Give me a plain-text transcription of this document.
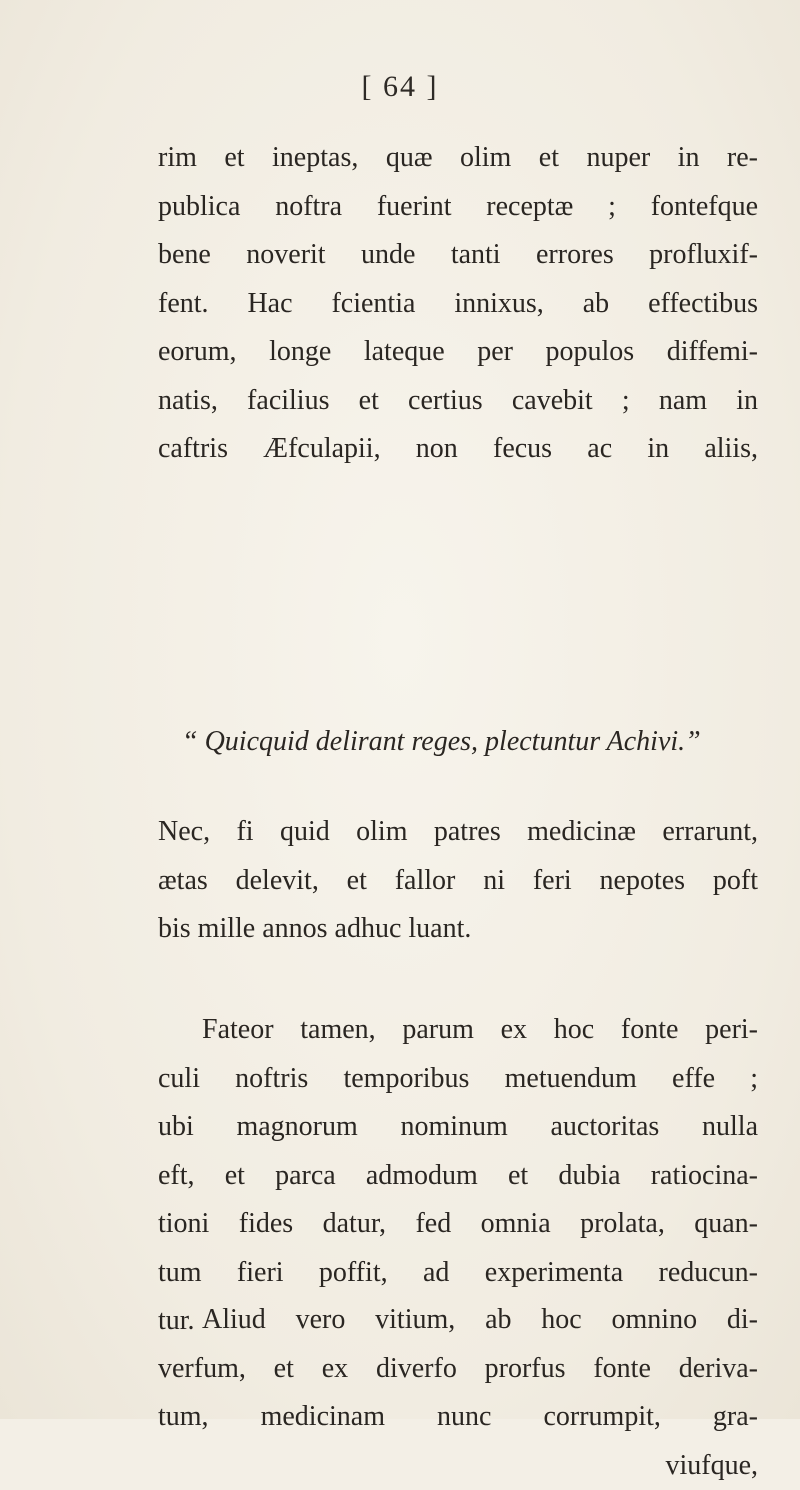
[ 64 ]
rim et ineptas, quæ olim et nuper in re-
publica noftra fuerint receptæ ; fontefque
bene noverit unde tanti errores profluxif-
fent. Hac fcientia innixus, ab effectibus
eorum, longe lateque per populos diffemi-
natis, facilius et certius cavebit ; nam in
caftris Æfculapii, non fecus ac in aliis,
“ Quicquid delirant reges, plectuntur Achivi.”
Nec, fi quid olim patres medicinæ errarunt,
ætas delevit, et fallor ni feri nepotes poft
bis mille annos adhuc luant.
Fateor tamen, parum ex hoc fonte peri-
culi noftris temporibus metuendum effe ;
ubi magnorum nominum auctoritas nulla
eft, et parca admodum et dubia ratiocina-
tioni fides datur, fed omnia prolata, quan-
tum fieri poffit, ad experimenta reducun-
tur. Aliud vero vitium, ab hoc omnino di-
verfum, et ex diverfo prorfus fonte deriva-
tum, medicinam nunc corrumpit, gra-
viufque,
